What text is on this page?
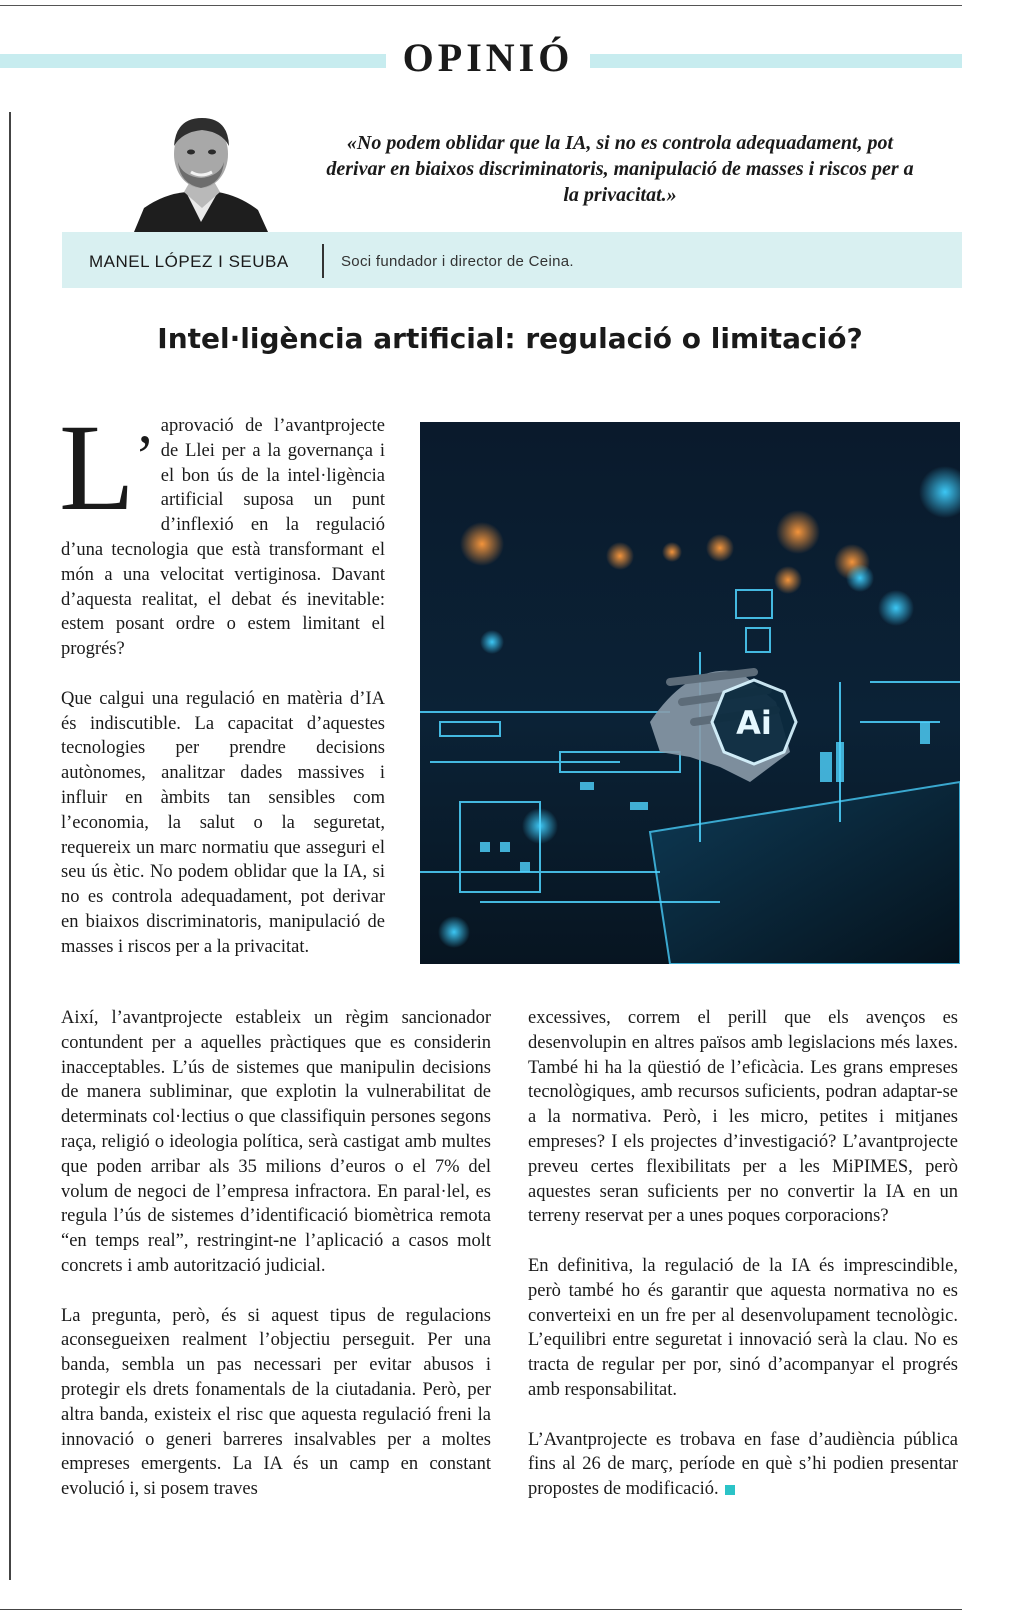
OPINIÓ
«No podem oblidar que la IA, si no es controla adequadament, pot derivar en biaixos discriminatoris, manipulació de masses i riscos per a la privacitat.»
MANEL LÓPEZ I SEUBA	Soci fundador i director de Ceina.
Intel·ligència artificial: regulació o limitació?

L’ aprovació de l’avantprojecte de Llei per a la governança i el bon ús de la intel·ligència artificial suposa un punt d’inflexió en la regulació d’una tecnologia que està transformant el món a una velocitat vertiginosa. Davant d’aquesta realitat, el debat és inevitable: estem posant ordre o estem limitant el progrés?

Que calgui una regulació en matèria d’IA és indiscutible. La capacitat d’aquestes tecnologies per prendre decisions autònomes, analitzar dades massives i influir en àmbits tan sensibles com l’economia, la salut o la seguretat, requereix un marc normatiu que asseguri el seu ús ètic. No podem oblidar que la IA, si no es controla adequadament, pot derivar en biaixos discriminatoris, manipulació de masses i riscos per a la privacitat.

Ai

Així, l’avantprojecte estableix un règim sancionador contundent per a aquelles pràctiques que es considerin inacceptables. L’ús de sistemes que manipulin decisions de manera subliminar, que explotin la vulnerabilitat de determinats col·lectius o que classifiquin persones segons raça, religió o ideologia política, serà castigat amb multes que poden arribar als 35 milions d’euros o el 7% del volum de negoci de l’empresa infractora. En paral·lel, es regula l’ús de sistemes d’identificació biomètrica remota “en temps real”, restringint-ne l’aplicació a casos molt concrets i amb autorització judicial.

La pregunta, però, és si aquest tipus de regulacions aconsegueixen realment l’objectiu perseguit. Per una banda, sembla un pas necessari per evitar abusos i protegir els drets fonamentals de la ciutadania. Però, per altra banda, existeix el risc que aquesta regulació freni la innovació o generi barreres insalvables per a moltes empreses emergents. La IA és un camp en constant evolució i, si posem traves

excessives, correm el perill que els avenços es desenvolupin en altres països amb legislacions més laxes. També hi ha la qüestió de l’eficàcia. Les grans empreses tecnològiques, amb recursos suficients, podran adaptar-se a la normativa. Però, i les micro, petites i mitjanes empreses? I els projectes d’investigació? L’avantprojecte preveu certes flexibilitats per a les MiPIMES, però aquestes seran suficients per no convertir la IA en un terreny reservat per a unes poques corporacions?

En definitiva, la regulació de la IA és imprescindible, però també ho és garantir que aquesta normativa no es converteixi en un fre per al desenvolupament tecnològic. L’equilibri entre seguretat i innovació serà la clau. No es tracta de regular per por, sinó d’acompanyar el progrés amb responsabilitat.

L’Avantprojecte es trobava en fase d’audiència pública fins al 26 de març, període en què s’hi podien presentar propostes de modificació.
